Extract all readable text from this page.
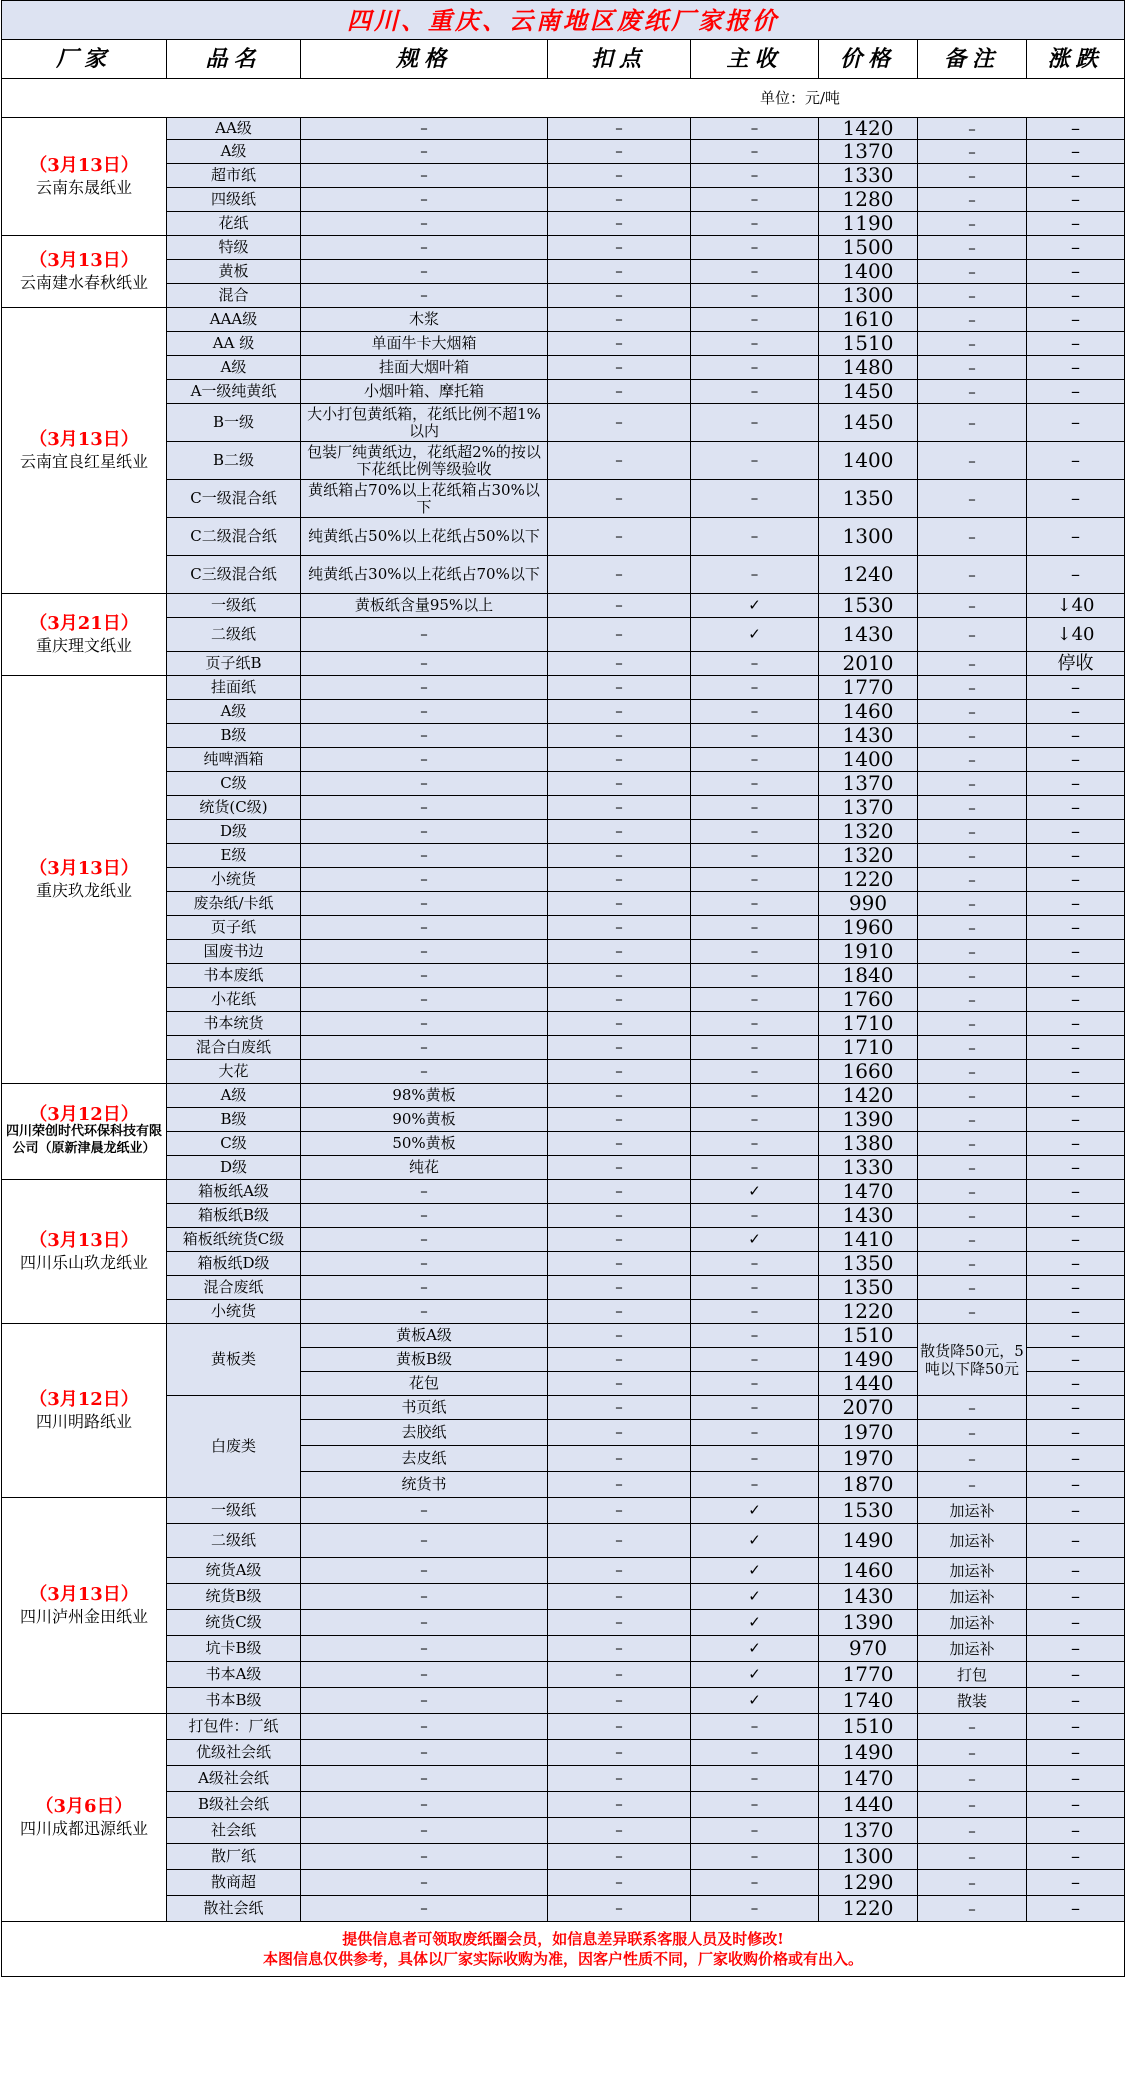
四川、重庆、云南地区废纸厂家报价							
厂家	品名	规格	扣点	主收	价格	备注	涨跌
单位：元/吨							

（3月13日）
云南东晟纸业	AA级	–	–	–	1420	–	–
	A级	–	–	–	1370	–	–
	超市纸	–	–	–	1330	–	–
	四级纸	–	–	–	1280	–	–
	花纸	–	–	–	1190	–	–

（3月13日）
云南建水春秋纸业	特级	–	–	–	1500	–	–
	黄板	–	–	–	1400	–	–
	混合	–	–	–	1300	–	–

（3月13日）
云南宜良红星纸业	AAA级	木浆	–	–	1610	–	–
	AA 级	单面牛卡大烟箱	–	–	1510	–	–
	A级	挂面大烟叶箱	–	–	1480	–	–
	A一级纯黄纸	小烟叶箱、摩托箱	–	–	1450	–	–
	B一级	大小打包黄纸箱，花纸比例不超1%以内	–	–	1450	–	–
	B二级	包装厂纯黄纸边，花纸超2%的按以下花纸比例等级验收	–	–	1400	–	–
	C一级混合纸	黄纸箱占70%以上花纸箱占30%以下	–	–	1350	–	–
	C二级混合纸	纯黄纸占50%以上花纸占50%以下	–	–	1300	–	–
	C三级混合纸	纯黄纸占30%以上花纸占70%以下	–	–	1240	–	–

（3月21日）
重庆理文纸业	一级纸	黄板纸含量95%以上	–	✓	1530	–	↓40
	二级纸	–	–	✓	1430	–	↓40
	页子纸B	–	–	–	2010	–	停收

（3月13日）
重庆玖龙纸业	挂面纸	–	–	–	1770	–	–
	A级	–	–	–	1460	–	–
	B级	–	–	–	1430	–	–
	纯啤酒箱	–	–	–	1400	–	–
	C级	–	–	–	1370	–	–
	统货(C级)	–	–	–	1370	–	–
	D级	–	–	–	1320	–	–
	E级	–	–	–	1320	–	–
	小统货	–	–	–	1220	–	–
	废杂纸/卡纸	–	–	–	990	–	–
	页子纸	–	–	–	1960	–	–
	国废书边	–	–	–	1910	–	–
	书本废纸	–	–	–	1840	–	–
	小花纸	–	–	–	1760	–	–
	书本统货	–	–	–	1710	–	–
	混合白废纸	–	–	–	1710	–	–
	大花	–	–	–	1660	–	–

（3月12日）
四川荣创时代环保科技有限公司（原新津晨龙纸业）	A级	98%黄板	–	–	1420	–	–
	B级	90%黄板	–	–	1390	–	–
	C级	50%黄板	–	–	1380	–	–
	D级	纯花	–	–	1330	–	–

（3月13日）
四川乐山玖龙纸业	箱板纸A级	–	–	✓	1470	–	–
	箱板纸B级	–	–	–	1430	–	–
	箱板纸统货C级	–	–	✓	1410	–	–
	箱板纸D级	–	–	–	1350	–	–
	混合废纸	–	–	–	1350	–	–
	小统货	–	–	–	1220	–	–

（3月12日）
四川明路纸业	黄板类	黄板A级	–	–	1510	散货降50元，5吨以下降50元	–
		黄板B级	–	–	1490		–
		花包	–	–	1440		–
	白废类	书页纸	–	–	2070	–	–
		去胶纸	–	–	1970	–	–
		去皮纸	–	–	1970	–	–
		统货书	–	–	1870	–	–

（3月13日）
四川泸州金田纸业	一级纸	–	–	✓	1530	加运补	–
	二级纸	–	–	✓	1490	加运补	–
	统货A级	–	–	✓	1460	加运补	–
	统货B级	–	–	✓	1430	加运补	–
	统货C级	–	–	✓	1390	加运补	–
	坑卡B级	–	–	✓	970	加运补	–
	书本A级	–	–	✓	1770	打包	–
	书本B级	–	–	✓	1740	散装	–

（3月6日）
四川成都迅源纸业	打包件：厂纸	–	–	–	1510	–	–
	优级社会纸	–	–	–	1490	–	–
	A级社会纸	–	–	–	1470	–	–
	B级社会纸	–	–	–	1440	–	–
	社会纸	–	–	–	1370	–	–
	散厂纸	–	–	–	1300	–	–
	散商超	–	–	–	1290	–	–
	散社会纸	–	–	–	1220	–	–

提供信息者可领取废纸圈会员，如信息差异联系客服人员及时修改!
本图信息仅供参考，具体以厂家实际收购为准，因客户性质不同，厂家收购价格或有出入。							
